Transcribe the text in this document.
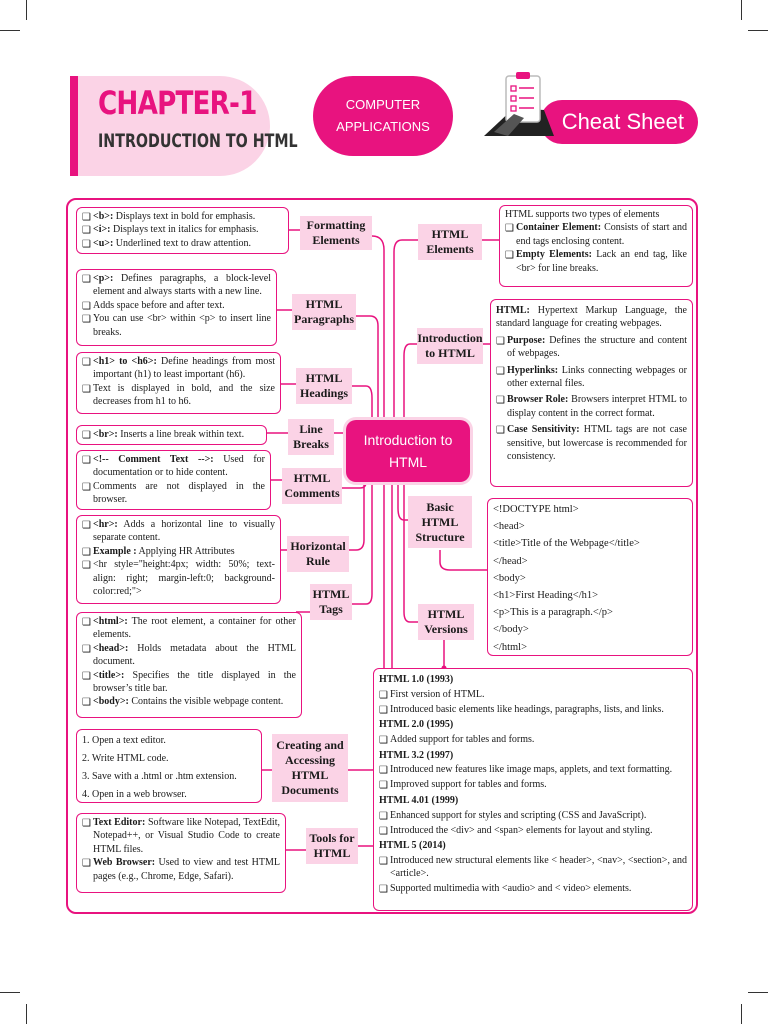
CHAPTER-1
INTRODUCTION TO HTML
COMPUTER
APPLICATIONS	Cheat Sheet
Introduction to
HTML
Formatting Elements
HTML Paragraphs
HTML Headings
Line Breaks
HTML Comments
Horizontal Rule
HTML Tags
Creating and Accessing HTML Documents
Tools for HTML
HTML Elements
Introduction to HTML
Basic HTML Structure
HTML Versions
❑ <b>: Displays text in bold for emphasis.
❑ <i>: Displays text in italics for emphasis.
❑ <u>: Underlined text to draw attention.
❑ <p>: Defines paragraphs, a block-level element and always starts with a new line.
❑ Adds space before and after text.
❑ You can use <br> within <p> to insert line breaks.
❑ <h1> to <h6>: Define headings from most important (h1) to least important (h6).
❑ Text is displayed in bold, and the size decreases from h1 to h6.
❑ <br>: Inserts a line break within text.
❑ <!-- Comment Text -->: Used for documentation or to hide content.
❑ Comments are not displayed in the browser.
❑ <hr>: Adds a horizontal line to visually separate content.
❑ Example : Applying HR Attributes
❑ <hr style="height:4px; width: 50%; text-align: right; margin-left:0; background-color:red;">
❑ <html>: The root element, a container for other elements.
❑ <head>: Holds metadata about the HTML document.
❑ <title>: Specifies the title displayed in the browser’s title bar.
❑ <body>: Contains the visible webpage content.
1. Open a text editor.
2. Write HTML code.
3. Save with a .html or .htm extension.
4. Open in a web browser.
❑ Text Editor: Software like Notepad, TextEdit, Notepad++, or Visual Studio Code to create HTML files.
❑ Web Browser: Used to view and test HTML pages (e.g., Chrome, Edge, Safari).
HTML supports two types of elements
❑ Container Element: Consists of start and end tags enclosing content.
❑ Empty Elements: Lack an end tag, like <br> for line breaks.
HTML: Hypertext Markup Language, the standard language for creating webpages.
❑ Purpose: Defines the structure and content of webpages.
❑ Hyperlinks: Links connecting webpages or other external files.
❑ Browser Role: Browsers interpret HTML to display content in the correct format.
❑ Case Sensitivity: HTML tags are not case sensitive, but lowercase is recommended for consistency.
<!DOCTYPE html>
<head>
<title>Title of the Webpage</title>
</head>
<body>
<h1>First Heading</h1>
<p>This is a paragraph.</p>
</body>
</html>
HTML 1.0 (1993)
❑ First version of HTML.
❑ Introduced basic elements like headings, paragraphs, lists, and links.
HTML 2.0 (1995)
❑ Added support for tables and forms.
HTML 3.2 (1997)
❑ Introduced new features like image maps, applets, and text formatting.
❑ Improved support for tables and forms.
HTML 4.01 (1999)
❑ Enhanced support for styles and scripting (CSS and JavaScript).
❑ Introduced the <div> and <span> elements for layout and styling.
HTML 5 (2014)
❑ Introduced new structural elements like < header>, <nav>, <section>, and <article>.
❑ Supported multimedia with <audio> and < video> elements.
